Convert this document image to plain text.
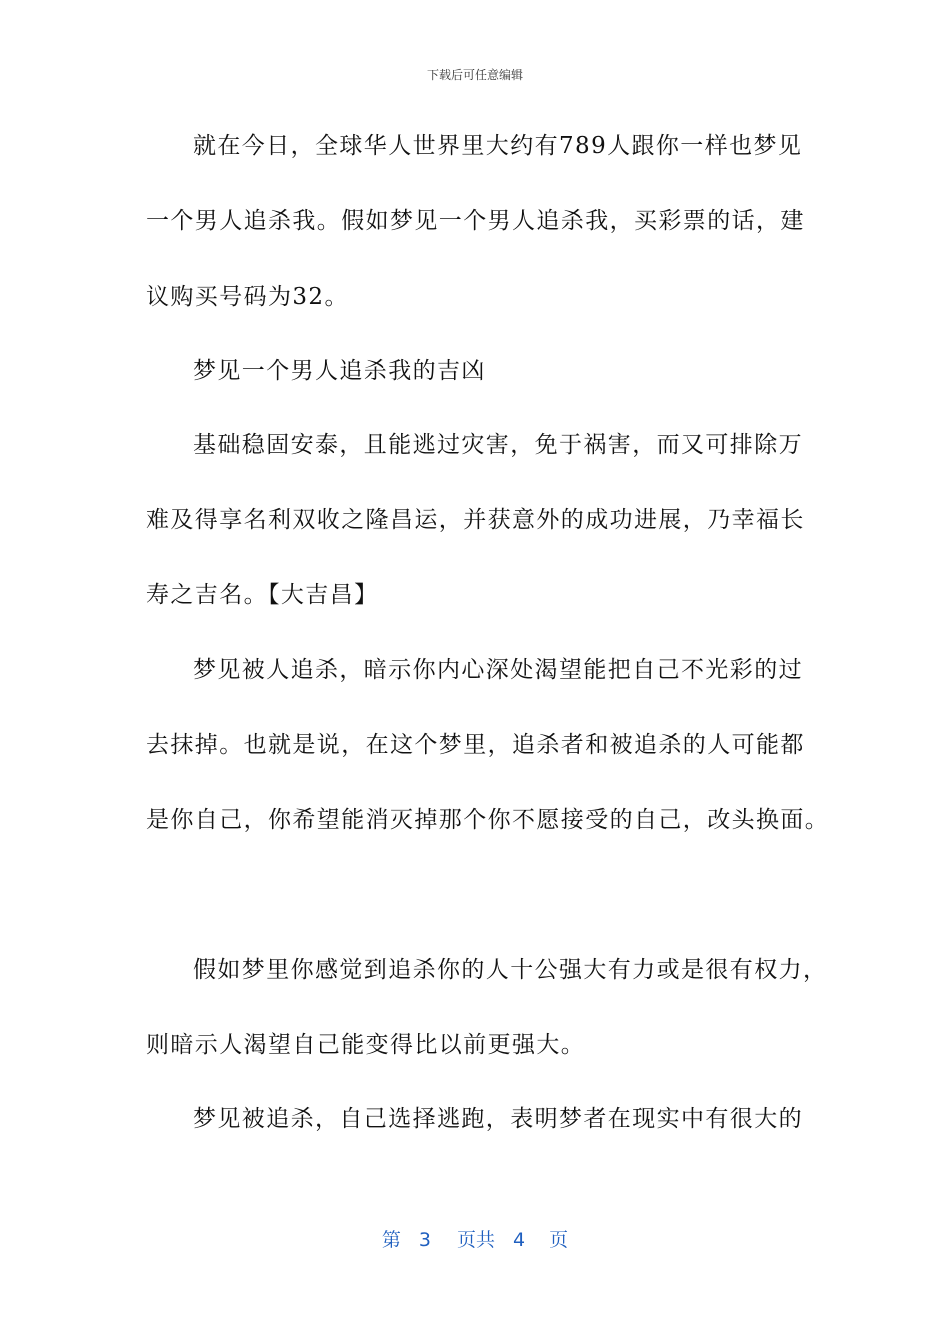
下载后可任意编辑
就在今日，全球华人世界里大约有789人跟你一样也梦见
一个男人追杀我。假如梦见一个男人追杀我，买彩票的话，建
议购买号码为32。
梦见一个男人追杀我的吉凶
基础稳固安泰，且能逃过灾害，免于祸害，而又可排除万
难及得享名利双收之隆昌运，并获意外的成功进展，乃幸福长
寿之吉名。【大吉昌】
梦见被人追杀，暗示你内心深处渴望能把自己不光彩的过
去抹掉。也就是说，在这个梦里，追杀者和被追杀的人可能都
是你自己，你希望能消灭掉那个你不愿接受的自己，改头换面。
假如梦里你感觉到追杀你的人十公强大有力或是很有权力，
则暗示人渴望自己能变得比以前更强大。
梦见被追杀，自己选择逃跑，表明梦者在现实中有很大的
第 3 页共 4 页
